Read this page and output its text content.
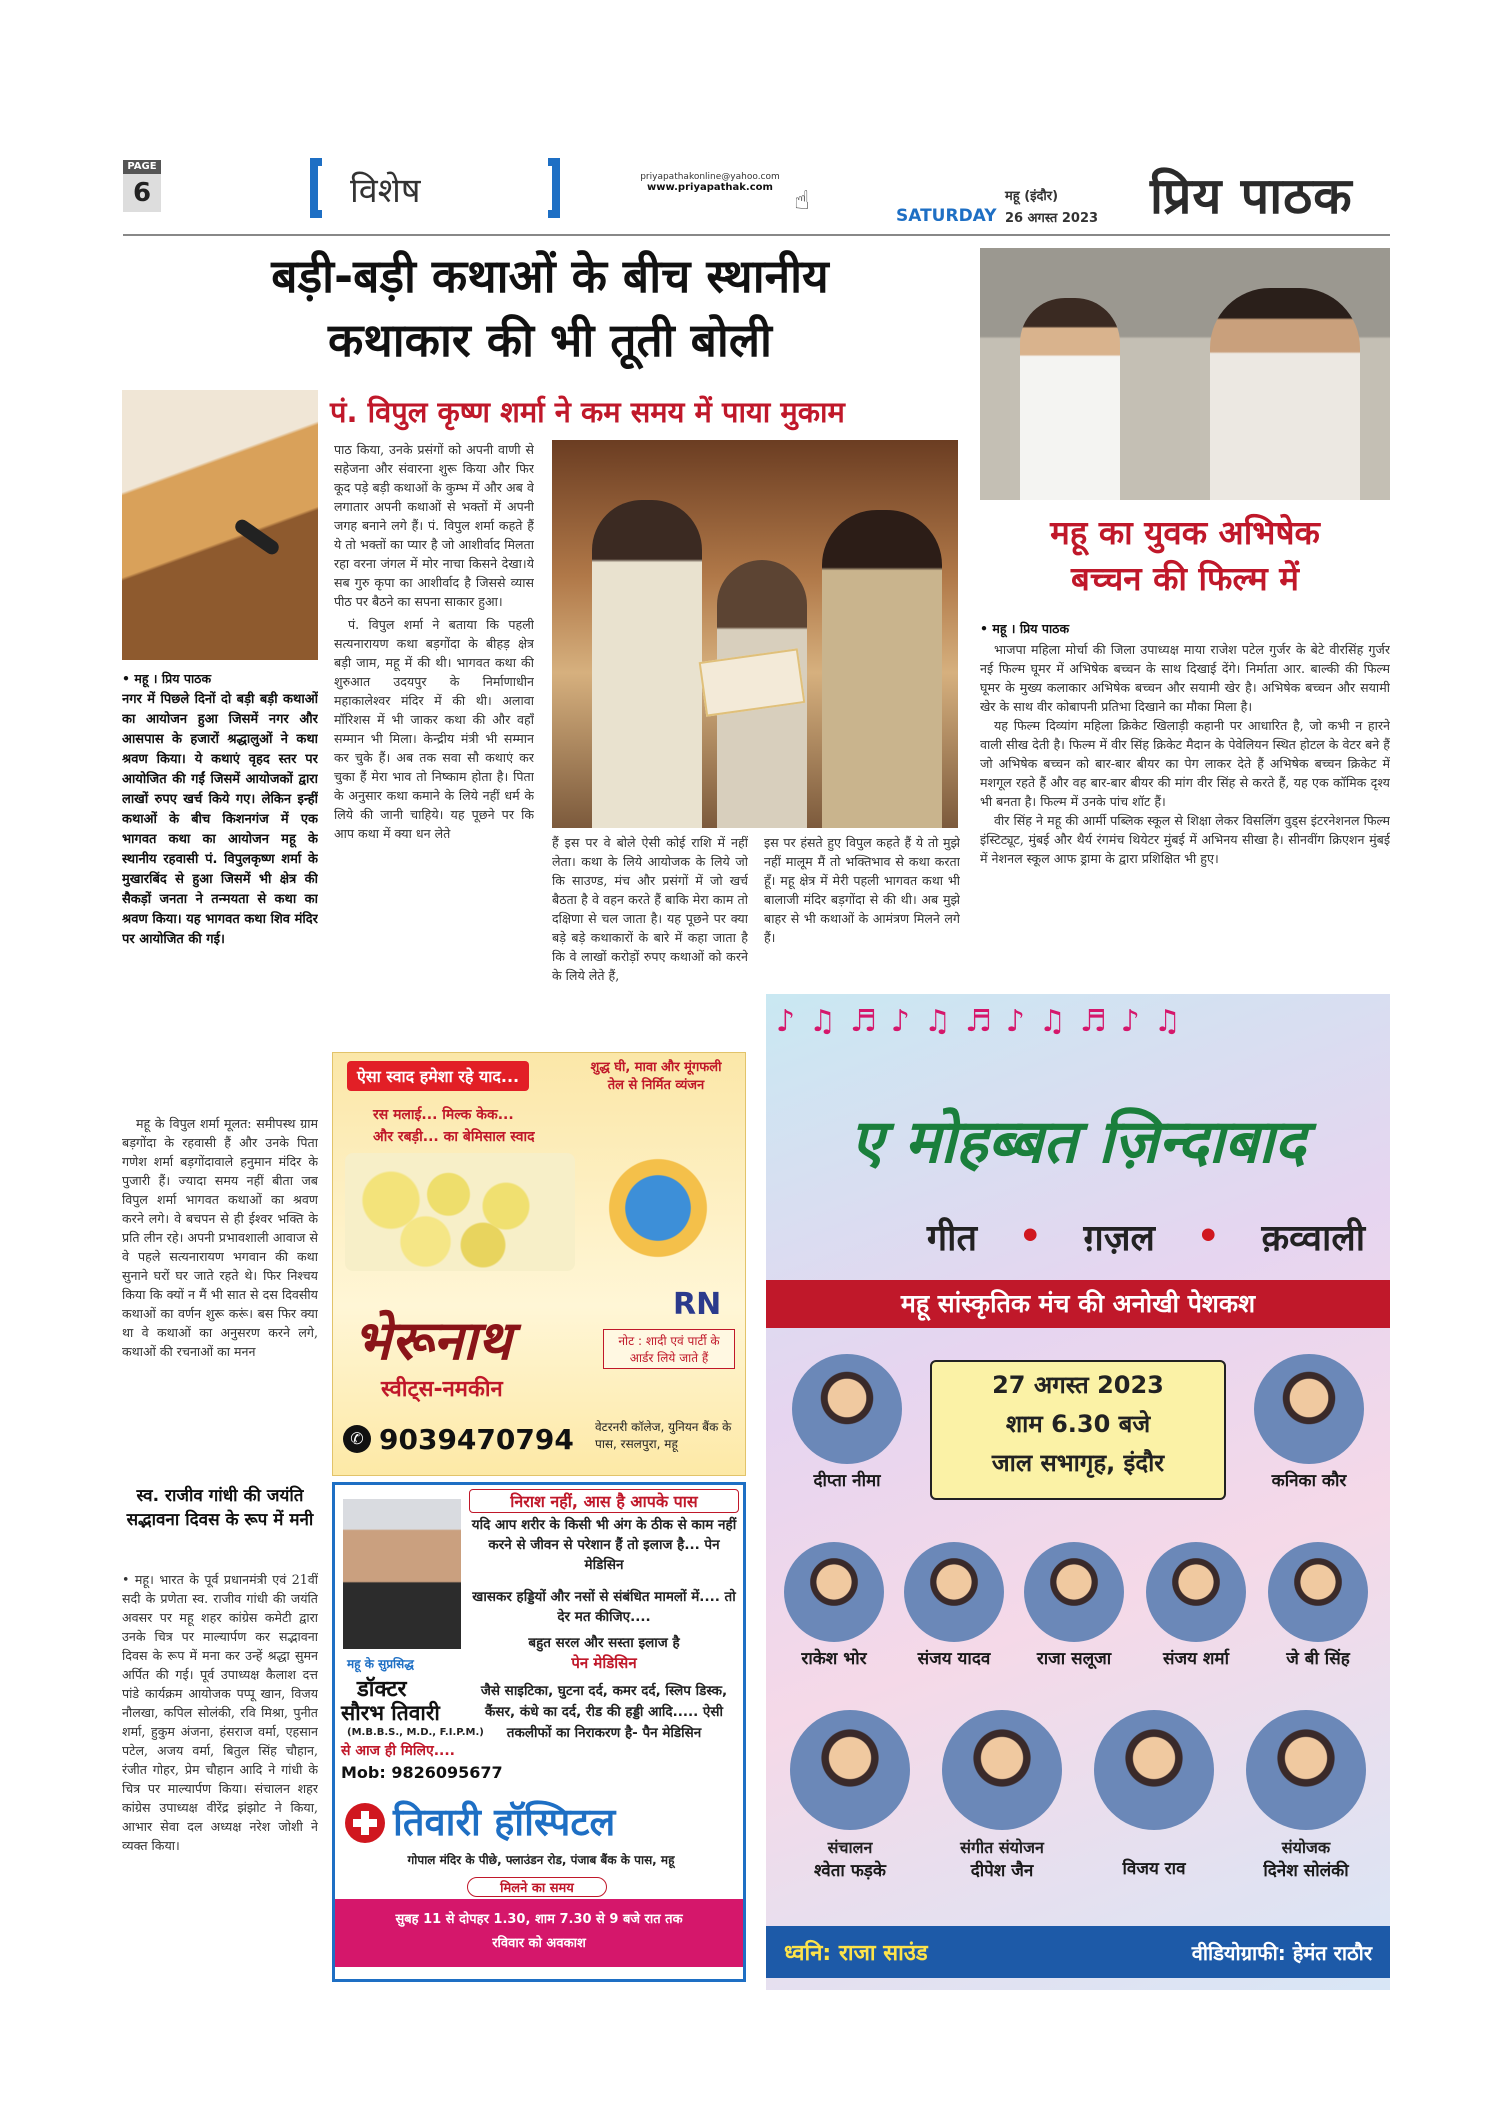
PAGE
6	विशेष	priyapathakonline@yahoo.com
www.priyapathak.com ☝	SATURDAY
महू (इंदौर)
26 अगस्त 2023 प्रिय पाठक
बड़ी-बड़ी कथाओं के बीच स्थानीय
कथाकार की भी तूती बोली
पं. विपुल कृष्ण शर्मा ने कम समय में पाया मुकाम
• महू । प्रिय पाठक
नगर में पिछले दिनों दो बड़ी बड़ी कथाओं का आयोजन हुआ जिसमें नगर और आसपास के हजारों श्रद्धालुओं ने कथा श्रवण किया। ये कथाएं वृहद स्तर पर आयोजित की गईं जिसमें आयोजकों द्वारा लाखों रुपए खर्च किये गए। लेकिन इन्हीं कथाओं के बीच किशनगंज में एक भागवत कथा का आयोजन महू के स्थानीय रहवासी पं. विपुलकृष्ण शर्मा के मुखारबिंद से हुआ जिसमें भी क्षेत्र की सैकड़ों जनता ने तन्मयता से कथा का श्रवण किया। यह भागवत कथा शिव मंदिर पर आयोजित की गई।

महू के विपुल शर्मा मूलत: समीपस्थ ग्राम बड़गोंदा के रहवासी हैं और उनके पिता गणेश शर्मा बड़गोंदावाले हनुमान मंदिर के पुजारी हैं। ज्यादा समय नहीं बीता जब विपुल शर्मा भागवत कथाओं का श्रवण करने लगे। वे बचपन से ही ईश्वर भक्ति के प्रति लीन रहे। अपनी प्रभावशाली आवाज से वे पहले सत्यनारायण भगवान की कथा सुनाने घरों घर जाते रहते थे। फिर निश्चय किया कि क्यों न मैं भी सात से दस दिवसीय कथाओं का वर्णन शुरू करूं। बस फिर क्या था वे कथाओं का अनुसरण करने लगे, कथाओं की रचनाओं का मनन

पाठ किया, उनके प्रसंगों को अपनी वाणी से सहेजना और संवारना शुरू किया और फिर कूद पड़े बड़ी कथाओं के कुम्भ में और अब वे लगातार अपनी कथाओं से भक्तों में अपनी जगह बनाने लगे हैं। पं. विपुल शर्मा कहते हैं ये तो भक्तों का प्यार है जो आशीर्वाद मिलता रहा वरना जंगल में मोर नाचा किसने देखा।ये सब गुरु कृपा का आशीर्वाद है जिससे व्यास पीठ पर बैठने का सपना साकार हुआ।

पं. विपुल शर्मा ने बताया कि पहली सत्यनारायण कथा बड़गोंदा के बीहड़ क्षेत्र बड़ी जाम, महू में की थी। भागवत कथा की शुरुआत उदयपुर के निर्माणाधीन महाकालेश्वर मंदिर में की थी। अलावा मॉरिशस में भी जाकर कथा की और वहाँ सम्मान भी मिला। केन्द्रीय मंत्री भी सम्मान कर चुके हैं। अब तक सवा सौ कथाएं कर चुका हैं मेरा भाव तो निष्काम होता है। पिता के अनुसार कथा कमाने के लिये नहीं धर्म के लिये की जानी चाहिये। यह पूछने पर कि आप कथा में क्या धन लेते

हैं इस पर वे बोले ऐसी कोई राशि में नहीं लेता। कथा के लिये आयोजक के लिये जो कि साउण्ड, मंच और प्रसंगों में जो खर्च बैठता है वे वहन करते हैं बाकि मेरा काम तो दक्षिणा से चल जाता है। यह पूछने पर क्या बड़े बड़े कथाकारों के बारे में कहा जाता है कि वे लाखों करोड़ों रुपए कथाओं को करने के लिये लेते हैं,

इस पर हंसते हुए विपुल कहते हैं ये तो मुझे नहीं मालूम मैं तो भक्तिभाव से कथा करता हूँ। महू क्षेत्र में मेरी पहली भागवत कथा भी बालाजी मंदिर बड़गोंदा से की थी। अब मुझे बाहर से भी कथाओं के आमंत्रण मिलने लगे हैं।

महू का युवक अभिषेक
बच्चन की फिल्म में
• महू । प्रिय पाठक

भाजपा महिला मोर्चा की जिला उपाध्यक्ष माया राजेश पटेल गुर्जर के बेटे वीरसिंह गुर्जर नई फिल्म घूमर में अभिषेक बच्चन के साथ दिखाई देंगे। निर्माता आर. बाल्की की फिल्म घूमर के मुख्य कलाकार अभिषेक बच्चन और सयामी खेर है। अभिषेक बच्चन और सयामी खेर के साथ वीर कोबापनी प्रतिभा दिखाने का मौका मिला है।

यह फिल्म दिव्यांग महिला क्रिकेट खिलाड़ी कहानी पर आधारित है, जो कभी न हारने वाली सीख देती है। फिल्म में वीर सिंह क्रिकेट मैदान के पेवेलियन स्थित होटल के वेटर बने हैं जो अभिषेक बच्चन को बार-बार बीयर का पेग लाकर देते हैं अभिषेक बच्चन क्रिकेट में मशगूल रहते हैं और वह बार-बार बीयर की मांग वीर सिंह से करते हैं, यह एक कॉमिक दृश्य भी बनता है। फिल्म में उनके पांच शॉट हैं।

वीर सिंह ने महू की आर्मी पब्लिक स्कूल से शिक्षा लेकर विसलिंग वुड्स इंटरनेशनल फिल्म इंस्टिट्यूट, मुंबई और थैर्य रंगमंच थियेटर मुंबई में अभिनय सीखा है। सीनवींग क्रिएशन मुंबई में नेशनल स्कूल आफ ड्रामा के द्वारा प्रशिक्षित भी हुए।

स्व. राजीव गांधी की जयंति सद्भावना दिवस के रूप में मनी

• महू। भारत के पूर्व प्रधानमंत्री एवं 21वीं सदी के प्रणेता स्व. राजीव गांधी की जयंति अवसर पर महू शहर कांग्रेस कमेटी द्वारा उनके चित्र पर माल्यार्पण कर सद्भावना दिवस के रूप में मना कर उन्हें श्रद्धा सुमन अर्पित की गई। पूर्व उपाध्यक्ष कैलाश दत्त पांडे कार्यक्रम आयोजक पप्पू खान, विजय नौलखा, कपिल सोलंकी, रवि मिश्रा, पुनीत शर्मा, हुकुम अंजना, हंसराज वर्मा, एहसान पटेल, अजय वर्मा, बितुल सिंह चौहान, रंजीत गोहर, प्रेम चौहान आदि ने गांधी के चित्र पर माल्यार्पण किया। संचालन शहर कांग्रेस उपाध्यक्ष वीरेंद्र झंझोट ने किया, आभार सेवा दल अध्यक्ष नरेश जोशी ने व्यक्त किया।

ऐसा स्वाद हमेशा रहे याद...	शुद्ध घी, मावा और मूंगफली
तेल से निर्मित व्यंजन
रस मलाई... मिल्क केक...
और रबड़ी... का बेमिसाल स्वाद
भेरूनाथ
स्वीट्स-नमकीन
RN
नोट : शादी एवं पार्टी के आर्डर लिये जाते हैं
✆ 9039470794 वेटरनरी कॉलेज, युनियन बैंक के पास, रसलपुरा, महू
निराश नहीं, आस है आपके पास
यदि आप शरीर के किसी भी अंग के ठीक से काम नहीं करने से जीवन से परेशान हैं तो इलाज है... पेन मेडिसिन
खासकर हड्डियों और नसों से संबंधित मामलों में.... तो देर मत कीजिए....
बहुत सरल और सस्ता इलाज है
पेन मेडिसिन
महू के सुप्रसिद्ध
डॉक्टर
सौरभ तिवारी
(M.B.B.S., M.D., F.I.P.M.)
से आज ही मिलिए....
Mob: 9826095677
जैसे साइटिका, घुटना दर्द, कमर दर्द, स्लिप डिस्क, कैंसर, कंधे का दर्द, रीड की हड्डी आदि..... ऐसी तकलीफों का निराकरण है- पैन मेडिसिन
तिवारी हॉस्पिटल
गोपाल मंदिर के पीछे, फ्लाउंडन रोड, पंजाब बैंक के पास, महू
मिलने का समय
सुबह 11 से दोपहर 1.30, शाम 7.30 से 9 बजे रात तक
रविवार को अवकाश
♪♫♬♪♫♬♪♫♬♪♫
ए मोहब्बत ज़िन्दाबाद
गीत • ग़ज़ल • क़व्वाली
महू सांस्कृतिक मंच की अनोखी पेशकश
27 अगस्त 2023
शाम 6.30 बजे
जाल सभागृह, इंदौर
दीप्ता नीमा	कनिका कौर
राकेश भोर	संजय यादव	राजा सलूजा	संजय शर्मा	जे बी सिंह
संचालन
श्वेता फड़के
संगीत संयोजन
दीपेश जैन	विजय राव
संयोजक
दिनेश सोलंकी
ध्वनि: राजा साउंड	वीडियोग्राफी: हेमंत राठौर
